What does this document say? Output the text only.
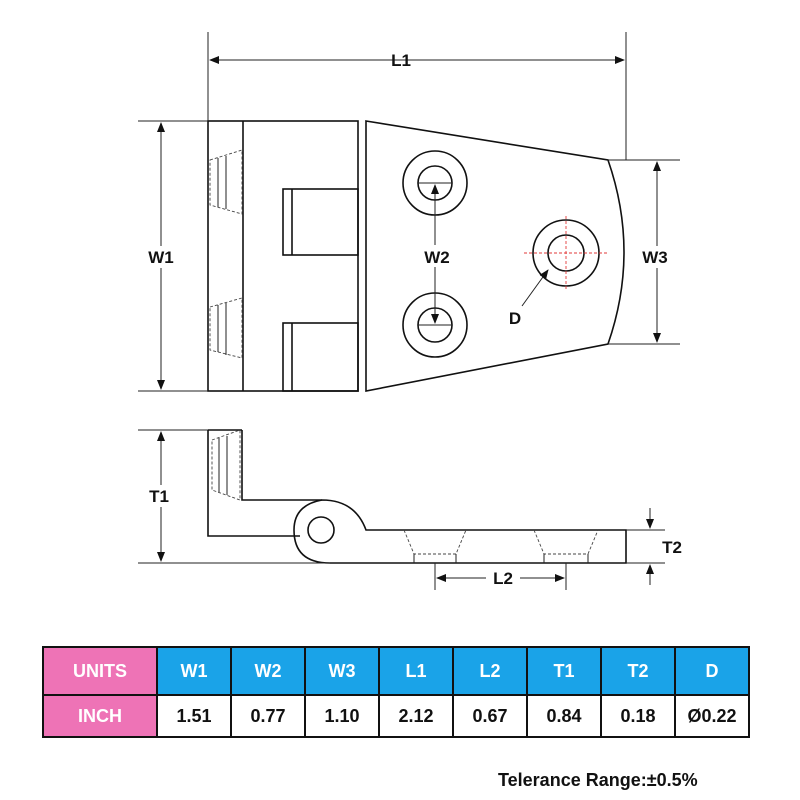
L1
W1	W2	W3
D
T1
L2
T2
UNITS	W1	W2	W3	L1	L2	T1	T2	D
INCH	1.51	0.77	1.10	2.12	0.67	0.84	0.18	Ø0.22
Telerance Range:±0.5%
